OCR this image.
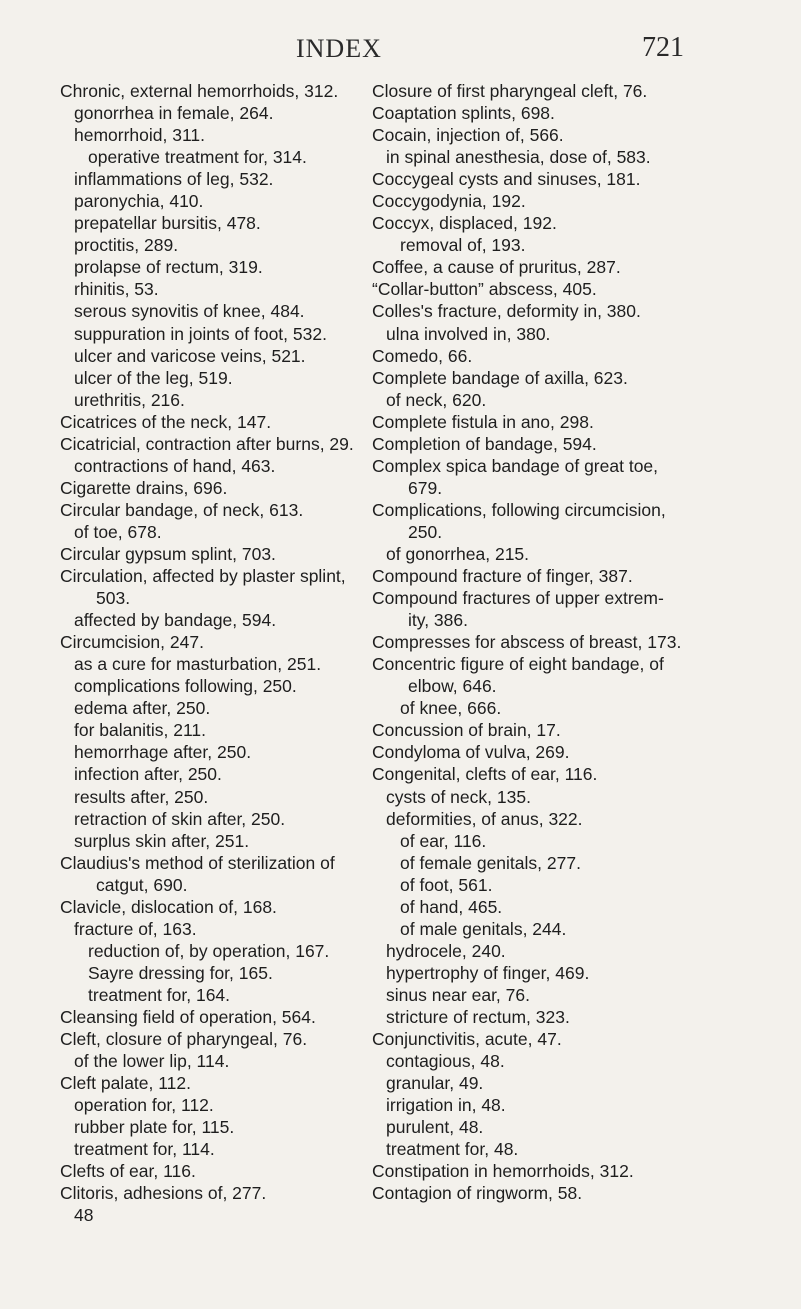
INDEX	721
Chronic, external hemorrhoids, 312.
gonorrhea in female, 264.
hemorrhoid, 311.
operative treatment for, 314.
inflammations of leg, 532.
paronychia, 410.
prepatellar bursitis, 478.
proctitis, 289.
prolapse of rectum, 319.
rhinitis, 53.
serous synovitis of knee, 484.
suppuration in joints of foot, 532.
ulcer and varicose veins, 521.
ulcer of the leg, 519.
urethritis, 216.
Cicatrices of the neck, 147.
Cicatricial, contraction after burns, 29.
contractions of hand, 463.
Cigarette drains, 696.
Circular bandage, of neck, 613.
of toe, 678.
Circular gypsum splint, 703.
Circulation, affected by plaster splint,
503.
affected by bandage, 594.
Circumcision, 247.
as a cure for masturbation, 251.
complications following, 250.
edema after, 250.
for balanitis, 211.
hemorrhage after, 250.
infection after, 250.
results after, 250.
retraction of skin after, 250.
surplus skin after, 251.
Claudius's method of sterilization of
catgut, 690.
Clavicle, dislocation of, 168.
fracture of, 163.
reduction of, by operation, 167.
Sayre dressing for, 165.
treatment for, 164.
Cleansing field of operation, 564.
Cleft, closure of pharyngeal, 76.
of the lower lip, 114.
Cleft palate, 112.
operation for, 112.
rubber plate for, 115.
treatment for, 114.
Clefts of ear, 116.
Clitoris, adhesions of, 277.
48
Closure of first pharyngeal cleft, 76.
Coaptation splints, 698.
Cocain, injection of, 566.
in spinal anesthesia, dose of, 583.
Coccygeal cysts and sinuses, 181.
Coccygodynia, 192.
Coccyx, displaced, 192.
removal of, 193.
Coffee, a cause of pruritus, 287.
“Collar-button” abscess, 405.
Colles's fracture, deformity in, 380.
ulna involved in, 380.
Comedo, 66.
Complete bandage of axilla, 623.
of neck, 620.
Complete fistula in ano, 298.
Completion of bandage, 594.
Complex spica bandage of great toe,
679.
Complications, following circumcision,
250.
of gonorrhea, 215.
Compound fracture of finger, 387.
Compound fractures of upper extrem-
ity, 386.
Compresses for abscess of breast, 173.
Concentric figure of eight bandage, of
elbow, 646.
of knee, 666.
Concussion of brain, 17.
Condyloma of vulva, 269.
Congenital, clefts of ear, 116.
cysts of neck, 135.
deformities, of anus, 322.
of ear, 116.
of female genitals, 277.
of foot, 561.
of hand, 465.
of male genitals, 244.
hydrocele, 240.
hypertrophy of finger, 469.
sinus near ear, 76.
stricture of rectum, 323.
Conjunctivitis, acute, 47.
contagious, 48.
granular, 49.
irrigation in, 48.
purulent, 48.
treatment for, 48.
Constipation in hemorrhoids, 312.
Contagion of ringworm, 58.
